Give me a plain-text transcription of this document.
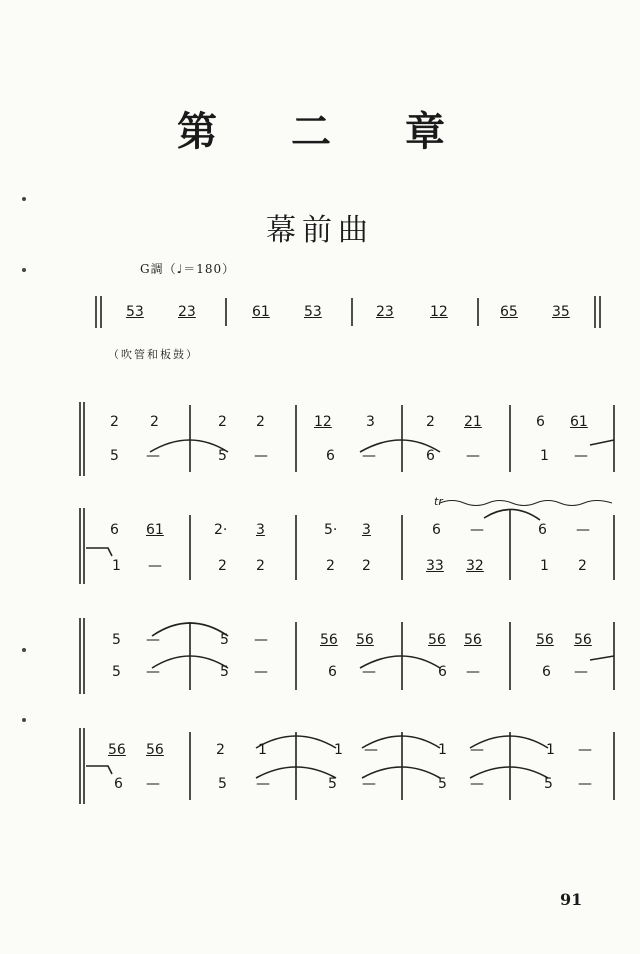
第 二 章
幕前曲
G調（♩＝180）
（吹管和板鼓）
91
53 23	61 53	23	12	65 35
2 2	2 2	12 3	2 21	6 61
5 —	5 —	6 —	6 —	1 —
tr
6 61	2· 3	5· 3	6 —	6 —
1 —	2 2	2 2	33 32	1 2
5 —	5 —	56 56	56 56	56 56
5 —	5 —	6 —	6 —	6 —
56 56	2 1	1 —	1 —	1 —
6 —	5 —	5 —	5 —	5 —
